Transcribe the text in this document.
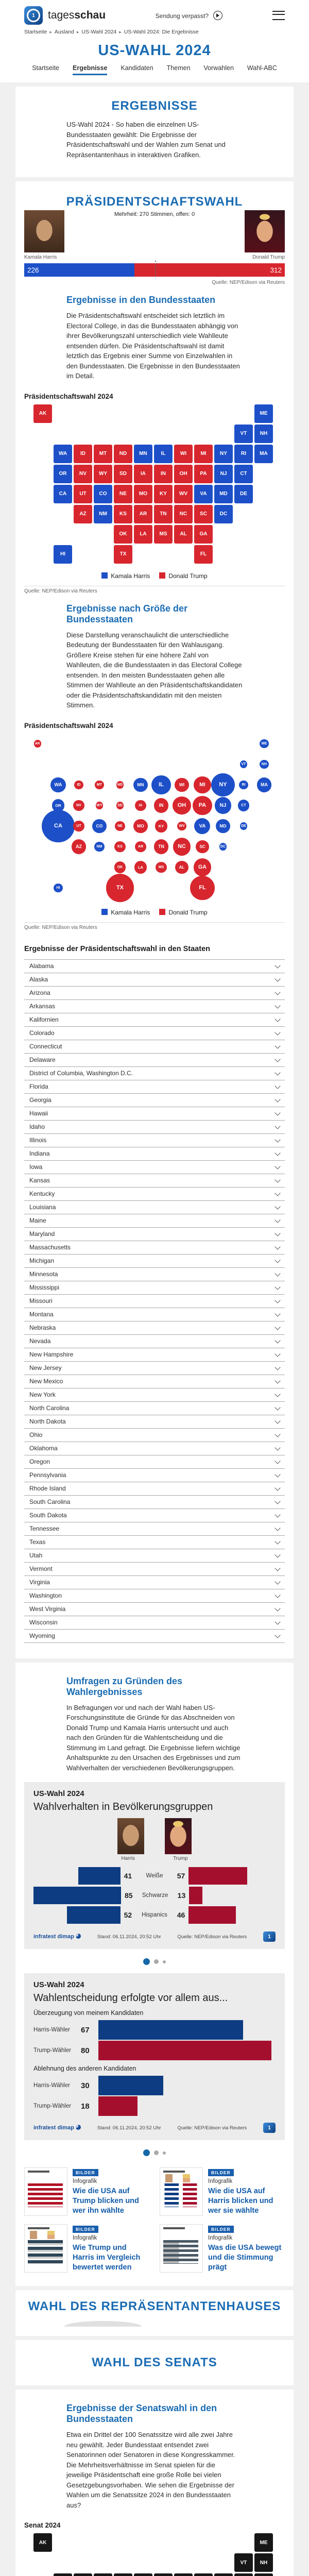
1	tagesschau	Sendung verpasst?
Startseite ▸ Ausland ▸ US-Wahl 2024 ▸ US-Wahl 2024: Die Ergebnisse
US-WAHL 2024
Startseite Ergebnisse Kandidaten Themen Vorwahlen Wahl-ABC
ERGEBNISSE

US-Wahl 2024 - So haben die einzelnen US-Bundesstaaten gewählt: Die Ergebnisse der Präsidentschaftswahl und der Wahlen zum Senat und Repräsentantenhaus in interaktiven Grafiken.

PRÄSIDENTSCHAFTSWAHL
Mehrheit: 270 Stimmen, offen: 0
Kamala Harris	Donald Trump
226	312
Quelle: NEP/Edison via Reuters
Ergebnisse in den Bundesstaaten

Die Präsidentschaftswahl entscheidet sich letztlich im Electoral College, in das die Bundesstaaten abhängig von ihrer Bevölkerungszahl unterschiedlich viele Wahlleute entsenden dürfen. Die Präsidentschaftswahl ist damit letztlich das Ergebnis einer Summe von Einzelwahlen in den Bundesstaaten. Die Ergebnisse in den Bundesstaaten im Detail.

Präsidentschaftswahl 2024
AL
AK
AZ	AR
CA	CO
CT
DE
DC
FL
GA
HI
ID	IL
IN
IA
KS
KY
LA
ME
MD
MA
MI
MN
MS
MO
MT
NE
NV
NH
NJ
NM
NY
NC
ND
OH
OK
OR	PA
RI
SC
SD
TN
TX
UT
VT
VA
WA
WV
WI
WY
Kamala Harris	Donald Trump
Quelle: NEP/Edison via Reuters
Ergebnisse nach Größe der Bundesstaaten

Diese Darstellung veranschaulicht die unterschiedliche Bedeutung der Bundesstaaten für den Wahlausgang. Größere Kreise stehen für eine höhere Zahl von Wahlleuten, die die Bundesstaaten in das Electoral College entsenden. In den meisten Bundesstaaten gehen alle Stimmen der Wahlleute an den Präsidentschaftskandidaten oder die Präsidentschaftskandidatin mit den meisten Stimmen.

Präsidentschaftswahl 2024
AL
AK
AZ	AR
CA	CO
CT
DE
DC
FL
GA
HI
ID	IL
IN
IA
KS
KY
LA
ME
MD
MA
MI
MN
MS
MO
MT
NE
NV
NH
NJ
NM
NY
NC
ND
OH
OK
OR	PA
RI
SC
SD
TN
TX
UT
VT
VA
WA
WV
WI
WY
Kamala Harris	Donald Trump
Quelle: NEP/Edison via Reuters
Ergebnisse der Präsidentschaftswahl in den Staaten
Alabama
Alaska
Arizona
Arkansas
Kalifornien
Colorado
Connecticut
Delaware
District of Columbia, Washington D.C.
Florida
Georgia
Hawaii
Idaho
Illinois
Indiana
Iowa
Kansas
Kentucky
Louisiana
Maine
Maryland
Massachusetts
Michigan
Minnesota
Mississippi
Missouri
Montana
Nebraska
Nevada
New Hampshire
New Jersey
New Mexico
New York
North Carolina
North Dakota
Ohio
Oklahoma
Oregon
Pennsylvania
Rhode Island
South Carolina
South Dakota
Tennessee
Texas
Utah
Vermont
Virginia
Washington
West Virginia
Wisconsin
Wyoming
Umfragen zu Gründen des Wahlergebnisses

In Befragungen vor und nach der Wahl haben US-Forschungsinstitute die Gründe für das Abschneiden von Donald Trump und Kamala Harris untersucht und auch nach den Gründen für die Wahlentscheidung und die Stimmung im Land gefragt. Die Ergebnisse liefern wichtige Anhaltspunkte zu den Ursachen des Ergebnisses und zum Wahlverhalten der verschiedenen Bevölkerungsgruppen.

US-Wahl 2024
Wahlverhalten in Bevölkerungsgruppen
Harris	Trump
41	Weiße	57
85	Schwarze	13
52	Hispanics	46
infratest dimap	Stand: 06.11.2024, 20:52 Uhr	Quelle: NEP/Edison via Reuters	1
US-Wahl 2024
Wahlentscheidung erfolgte vor allem aus...
Überzeugung von meinem Kandidaten
Harris-Wähler	67
Trump-Wähler	80
Ablehnung des anderen Kandidaten
Harris-Wähler	30
Trump-Wähler	18
infratest dimap	Stand: 06.11.2024, 20:52 Uhr	Quelle: NEP/Edison via Reuters	1
BILDER
Infografik
Wie die USA auf Trump blicken und wer ihn wählte
BILDER
Infografik
Wie die USA auf Harris blicken und wer sie wählte
BILDER
Infografik
Wie Trump und Harris im Vergleich bewertet werden
BILDER
Infografik
Was die USA bewegt und die Stimmung prägt
WAHL DES REPRÄSENTANTENHAUSES
WAHL DES SENATS
Ergebnisse der Senatswahl in den Bundesstaaten

Etwa ein Drittel der 100 Senatssitze wird alle zwei Jahre neu gewählt. Jeder Bundesstaat entsendet zwei Senatorinnen oder Senatoren in diese Kongresskammer. Die Mehrheitsverhältnisse im Senat spielen für die jeweilige Präsidentschaft eine große Rolle bei vielen Gesetzgebungsvorhaben. Wie sehen die Ergebnisse der Wahlen um die Senatssitze 2024 in den Bundesstaaten aus?

Senat 2024
AK	ME
NH
VT
